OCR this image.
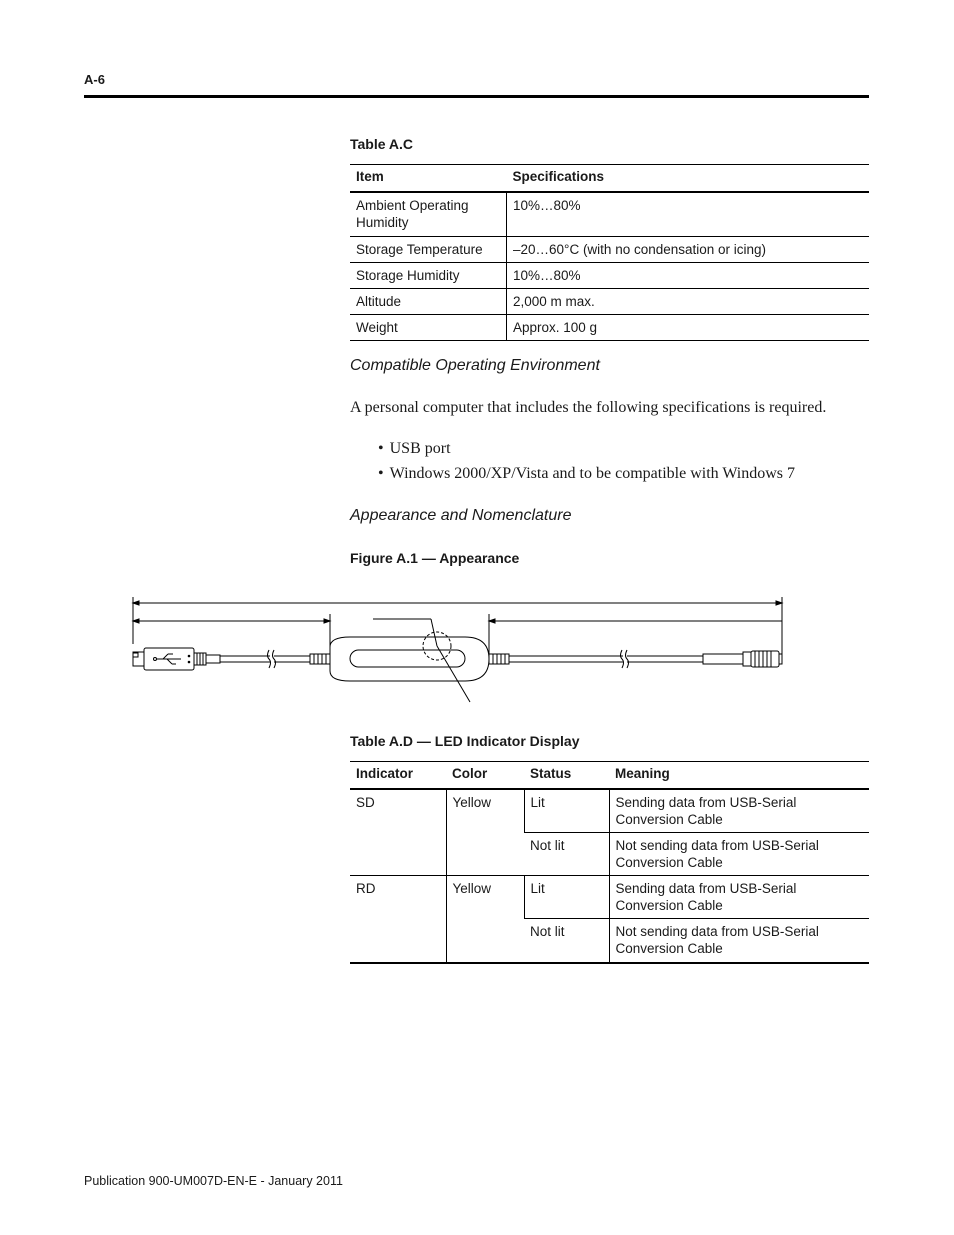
A-6
Table A.C
Item	Specifications
Ambient Operating Humidity	10%…80%
Storage Temperature	–20…60°C (with no condensation or icing)
Storage Humidity	10%…80%
Altitude	2,000 m max.
Weight	Approx. 100 g
Compatible Operating Environment
A personal computer that includes the following specifications is required.
• USB port
• Windows 2000/XP/Vista and to be compatible with Windows 7
Appearance and Nomenclature
Figure A.1 — Appearance
Table A.D — LED Indicator Display
Indicator	Color	Status	Meaning
SD	Yellow	Lit	Sending data from USB-Serial Conversion Cable
		Not lit	Not sending data from USB-Serial Conversion Cable
RD	Yellow	Lit	Sending data from USB-Serial Conversion Cable
		Not lit	Not sending data from USB-Serial Conversion Cable
Publication 900-UM007D-EN-E - January 2011
